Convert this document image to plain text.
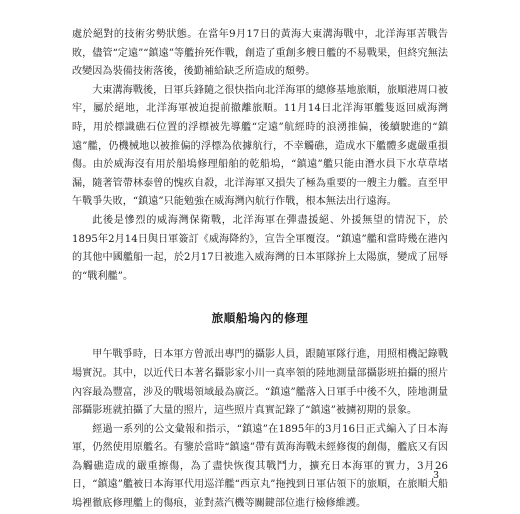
處於絕對的技術劣勢狀態。在當年9月17日的黃海大東溝海戰中，北洋海軍苦戰告敗，儘管“定遠”“鎮遠”等艦拚死作戰，創造了重創多艘日艦的不易戰果，但終究無法改變因為裝備技術落後，後勤補給缺乏所造成的頹勢。

大東溝海戰後，日軍兵鋒隨之很快指向北洋海軍的總修基地旅順，旅順港周口被牢，屬於絕地，北洋海軍被迫提前撤離旅順。11月14日北洋海軍艦隻返回威海灣時，用於標識礁石位置的浮標被先導艦“定遠”航經時的浪湧推偏，後續駛進的“鎮遠”艦，仍機械地以被推偏的浮標為依據航行，不幸觸礁，造成水下艦體多處嚴重損傷。由於威海沒有用於船塢修理船舶的乾船塢，“鎮遠”艦只能由潛水員下水草草堵漏，隨著管帶林泰曾的愧疚自殺，北洋海軍又損失了極為重要的一艘主力艦。直至甲午戰爭失敗，“鎮遠”只能勉強在威海灣內航行作戰，根本無法出行遠海。

此後是慘烈的威海灣保衛戰，北洋海軍在彈盡援絕、外援無望的情況下，於1895年2月14日與日軍簽訂《威海降約》，宣告全軍覆沒。“鎮遠”艦和當時幾在港內的其他中國艦船一起，於2月17日被進入威海灣的日本軍隊拚上太陽旗，變成了屈辱的“戰利艦”。

旅順船塢內的修理

甲午戰爭時，日本軍方曾派出專門的攝影人員，跟隨軍隊行進，用照相機記錄戰場實況。其中，以近代日本著名攝影家小川一真率領的陸地測量部攝影班拍攝的照片內容最為豐富，涉及的戰場領域最為廣泛。“鎮遠”艦落入日軍手中後不久，陸地測量部攝影班就拍攝了大量的照片，這些照片真實記錄了“鎮遠”被擄初期的景象。

經過一系列的公文彙報和指示，“鎮遠”在1895年的3月16日正式編入了日本海軍，仍然使用原艦名。有鑒於當時“鎮遠”帶有黃海海戰未經修復的創傷，艦底又有因為觸礁造成的嚴重擦傷，為了盡快恢復其戰鬥力，擴充日本海軍的實力，3月26日，“鎮遠”艦被日本海軍代用巡洋艦“西京丸”拖拽到日軍佔領下的旅順，在旅順大船塢裡徹底修理艦上的傷痕，並對蒸汽機等關鍵部位進行檢修維護。

3
